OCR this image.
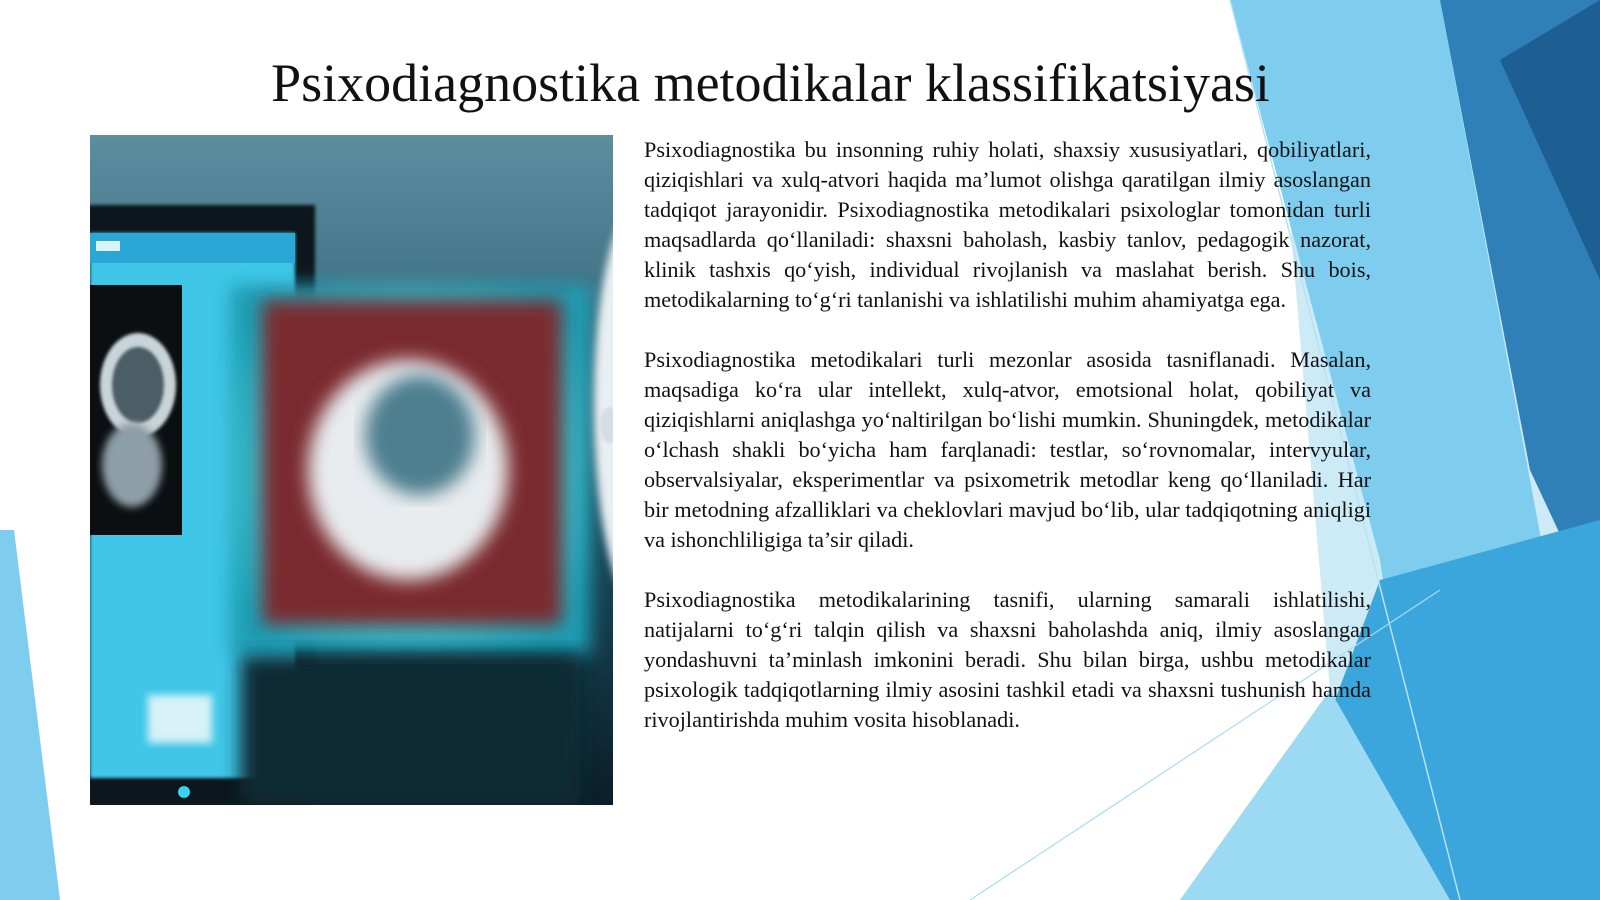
Psixodiagnostika metodikalar klassifikatsiyasi

Psixodiagnostika bu insonning ruhiy holati, shaxsiy xususiyatlari, qobiliyatlari, qiziqishlari va xulq-atvori haqida ma’lumot olishga qaratilgan ilmiy asoslangan tadqiqot jarayonidir. Psixodiagnostika metodikalari psixologlar tomonidan turli maqsadlarda qo‘llaniladi: shaxsni baholash, kasbiy tanlov, pedagogik nazorat, klinik tashxis qo‘yish, individual rivojlanish va maslahat berish. Shu bois, metodikalarning to‘g‘ri tanlanishi va ishlatilishi muhim ahamiyatga ega.

Psixodiagnostika metodikalari turli mezonlar asosida tasniflanadi. Masalan, maqsadiga ko‘ra ular intellekt, xulq-atvor, emotsional holat, qobiliyat va qiziqishlarni aniqlashga yo‘naltirilgan bo‘lishi mumkin. Shuningdek, metodikalar o‘lchash shakli bo‘yicha ham farqlanadi: testlar, so‘rovnomalar, intervyular, observalsiyalar, eksperimentlar va psixometrik metodlar keng qo‘llaniladi. Har bir metodning afzalliklari va cheklovlari mavjud bo‘lib, ular tadqiqotning aniqligi va ishonchliligiga ta’sir qiladi.

Psixodiagnostika metodikalarining tasnifi, ularning samarali ishlatilishi, natijalarni to‘g‘ri talqin qilish va shaxsni baholashda aniq, ilmiy asoslangan yondashuvni ta’minlash imkonini beradi. Shu bilan birga, ushbu metodikalar psixologik tadqiqotlarning ilmiy asosini tashkil etadi va shaxsni tushunish hamda rivojlantirishda muhim vosita hisoblanadi.
